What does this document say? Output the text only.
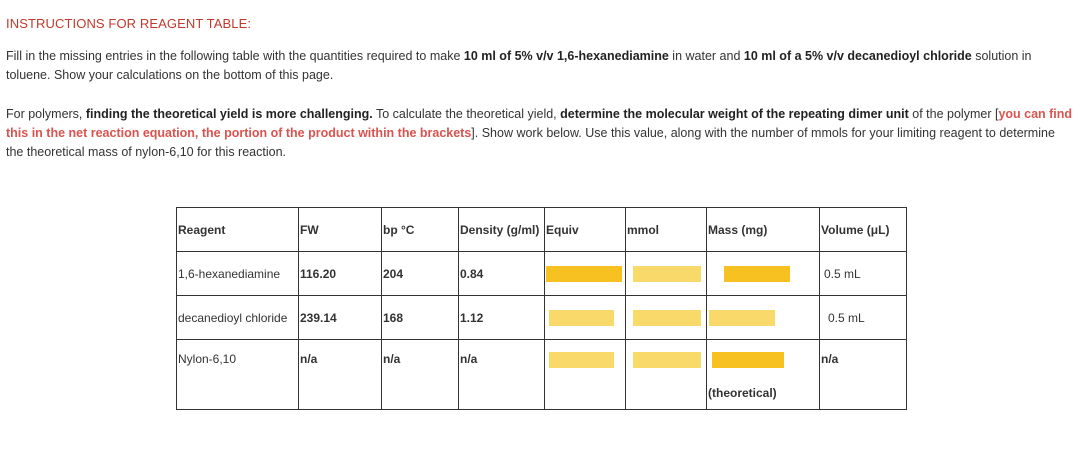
INSTRUCTIONS FOR REAGENT TABLE:
Fill in the missing entries in the following table with the quantities required to make 10 ml of 5% v/v 1,6-hexanediamine in water and 10 ml of a 5% v/v decanedioyl chloride solution in toluene. Show your calculations on the bottom of this page.
For polymers, finding the theoretical yield is more challenging. To calculate the theoretical yield, determine the molecular weight of the repeating dimer unit of the polymer [you can find this in the net reaction equation, the portion of the product within the brackets]. Show work below. Use this value, along with the number of mmols for your limiting reagent to determine the theoretical mass of nylon-6,10 for this reaction.
Reagent	FW	bp °C	Density (g/ml)	Equiv	mmol	Mass (mg)	Volume (μL)
1,6-hexanediamine	116.20	204	0.84				0.5 mL
decanedioyl chloride	239.14	168	1.12				0.5 mL
Nylon-6,10	n/a	n/a	n/a			(theoretical)	n/a
